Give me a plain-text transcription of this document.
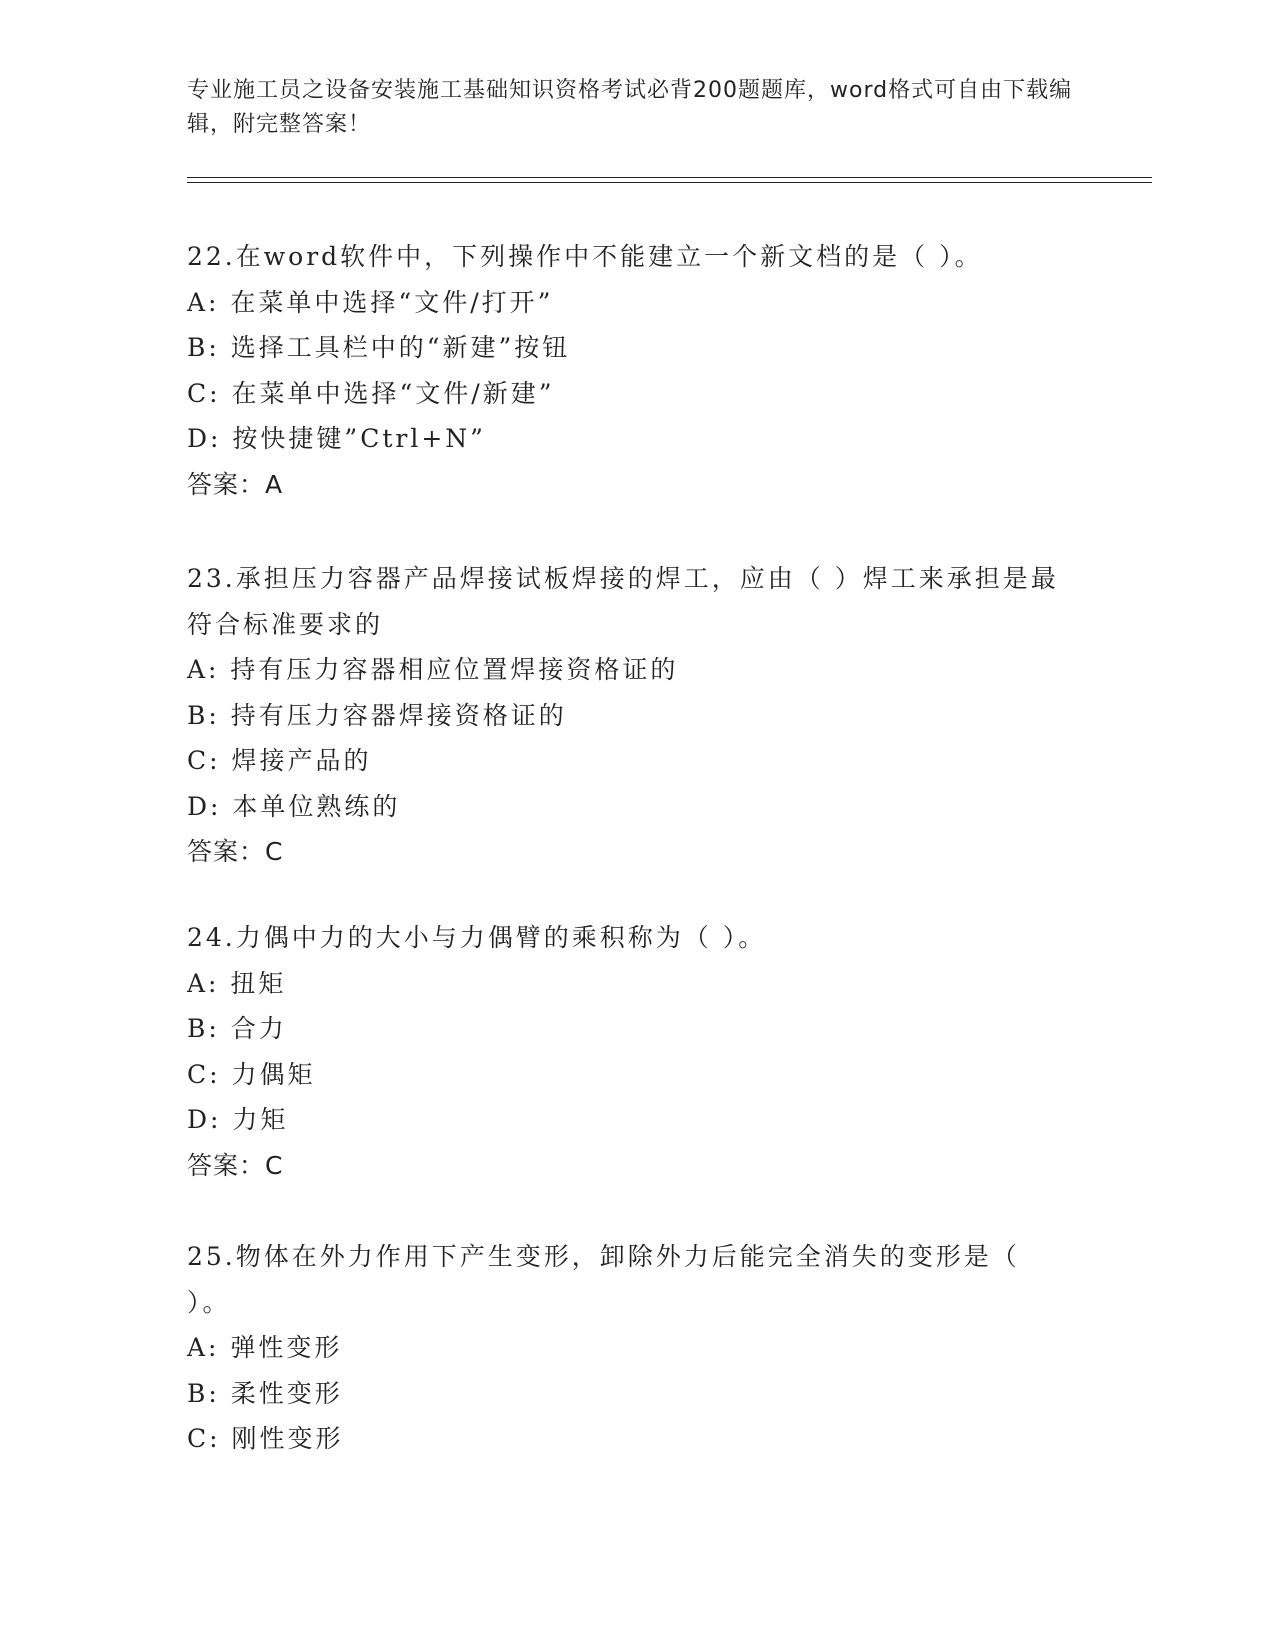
专业施工员之设备安装施工基础知识资格考试必背200题题库，word格式可自由下载编辑，附完整答案！
22.在word软件中，下列操作中不能建立一个新文档的是（ ）。
A: 在菜单中选择“文件/打开”
B: 选择工具栏中的“新建”按钮
C: 在菜单中选择“文件/新建”
D: 按快捷键”Ctrl+N”
答案：A
23.承担压力容器产品焊接试板焊接的焊工，应由（ ）焊工来承担是最符合标准要求的
A: 持有压力容器相应位置焊接资格证的
B: 持有压力容器焊接资格证的
C: 焊接产品的
D: 本单位熟练的
答案：C
24.力偶中力的大小与力偶臂的乘积称为（ ）。
A: 扭矩
B: 合力
C: 力偶矩
D: 力矩
答案：C
25.物体在外力作用下产生变形，卸除外力后能完全消失的变形是（ ）。
A: 弹性变形
B: 柔性变形
C: 刚性变形
